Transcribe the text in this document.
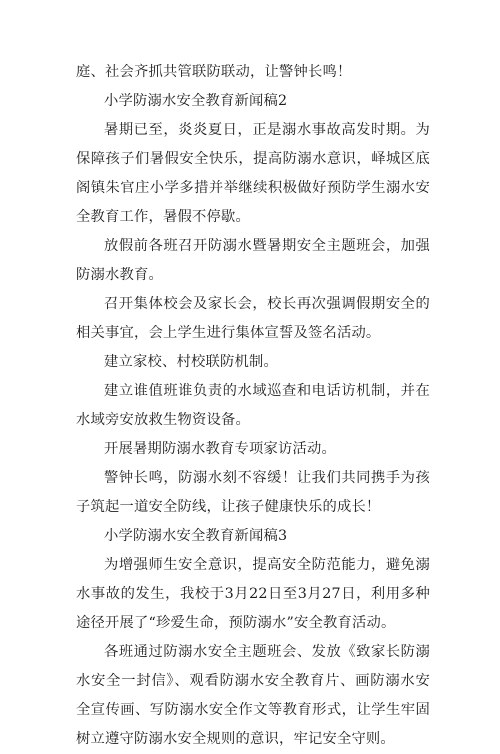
庭、社会齐抓共管联防联动，让警钟长鸣！

小学防溺水安全教育新闻稿2

暑期已至，炎炎夏日，正是溺水事故高发时期。为保障孩子们暑假安全快乐，提高防溺水意识，峄城区底阁镇朱官庄小学多措并举继续积极做好预防学生溺水安全教育工作，暑假不停歇。

放假前各班召开防溺水暨暑期安全主题班会，加强防溺水教育。

召开集体校会及家长会，校长再次强调假期安全的相关事宜，会上学生进行集体宣誓及签名活动。

建立家校、村校联防机制。

建立谁值班谁负责的水域巡查和电话访机制，并在水域旁安放救生物资设备。

开展暑期防溺水教育专项家访活动。

警钟长鸣，防溺水刻不容缓！让我们共同携手为孩子筑起一道安全防线，让孩子健康快乐的成长！

小学防溺水安全教育新闻稿3

为增强师生安全意识，提高安全防范能力，避免溺水事故的发生，我校于3月22日至3月27日，利用多种途径开展了“珍爱生命，预防溺水”安全教育活动。

各班通过防溺水安全主题班会、发放《致家长防溺水安全一封信》、观看防溺水安全教育片、画防溺水安全宣传画、写防溺水安全作文等教育形式，让学生牢固树立遵守防溺水安全规则的意识，牢记安全守则。
